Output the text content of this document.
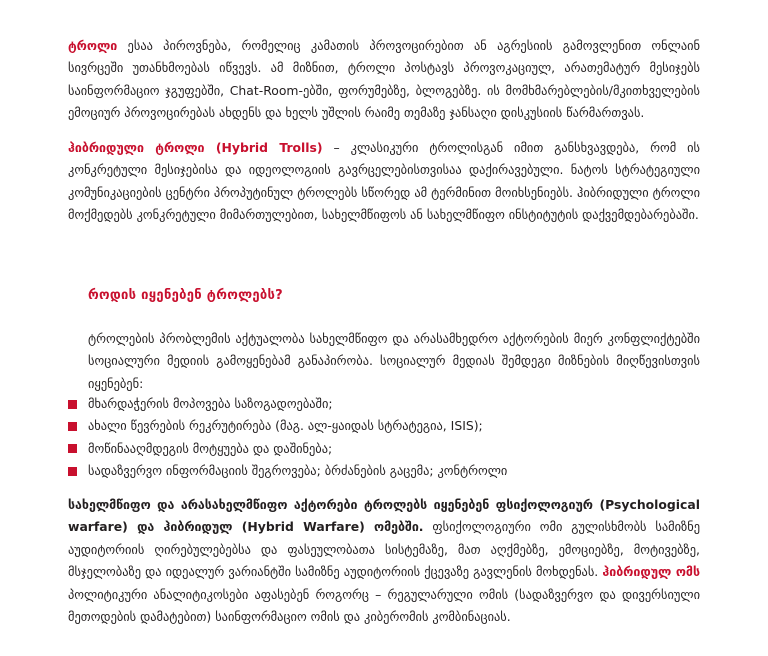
ტროლი ესაა პიროვნება, რომელიც კამათის პროვოცირებით ან აგრესიის გამოვლენით ონლაინ სივრცეში უთანხმოებას იწვევს. ამ მიზნით, ტროლი პოსტავს პროვოკაციულ, არათემატურ მესიჯებს საინფორმაციო ჯგუფებში, Chat-Room-ებში, ფორუმებზე, ბლოგებზე. ის მომხმარებლების/მკითხველების ემოციურ პროვოცირებას ახდენს და ხელს უშლის რაიმე თემაზე ჯანსაღი დისკუსიის წარმართვას.

ჰიბრიდული ტროლი (Hybrid Trolls) – კლასიკური ტროლისგან იმით განსხვავდება, რომ ის კონკრეტული მესიჯებისა და იდეოლოგიის გავრცელებისთვისაა დაქირავებული. ნატოს სტრატეგიული კომუნიკაციების ცენტრი პროპუტინულ ტროლებს სწორედ ამ ტერმინით მოიხსენიებს. ჰიბრიდული ტროლი მოქმედებს კონკრეტული მიმართულებით, სახელმწიფოს ან სახელმწიფო ინსტიტუტის დაქვემდებარებაში.

როდის იყენებენ ტროლებს?

ტროლების პრობლემის აქტუალობა სახელმწიფო და არასამხედრო აქტორების მიერ კონფლიქტებში სოციალური მედიის გამოყენებამ განაპირობა. სოციალურ მედიას შემდეგი მიზნების მიღწევისთვის იყენებენ:

მხარდაჭერის მოპოვება საზოგადოებაში;
ახალი წევრების რეკრუტირება (მაგ. ალ-ყაიდას სტრატეგია, ISIS);
მოწინააღმდეგის მოტყუება და დაშინება;
სადაზვერვო ინფორმაციის შეგროვება; ბრძანების გაცემა; კონტროლი

სახელმწიფო და არასახელმწიფო აქტორები ტროლებს იყენებენ ფსიქოლოგიურ (Psychological warfare) და ჰიბრიდულ (Hybrid Warfare) ომებში. ფსიქოლოგიური ომი გულისხმობს სამიზნე აუდიტორიის ღირებულებებსა და ფასეულობათა სისტემაზე, მათ აღქმებზე, ემოციებზე, მოტივებზე, მსჯელობაზე და იდეალურ ვარიანტში სამიზნე აუდიტორიის ქცევაზე გავლენის მოხდენას. ჰიბრიდულ ომს პოლიტიკური ანალიტიკოსები აფასებენ როგორც – რეგულარული ომის (სადაზვერვო და დივერსიული მეთოდების დამატებით) საინფორმაციო ომის და კიბერომის კომბინაციას.
